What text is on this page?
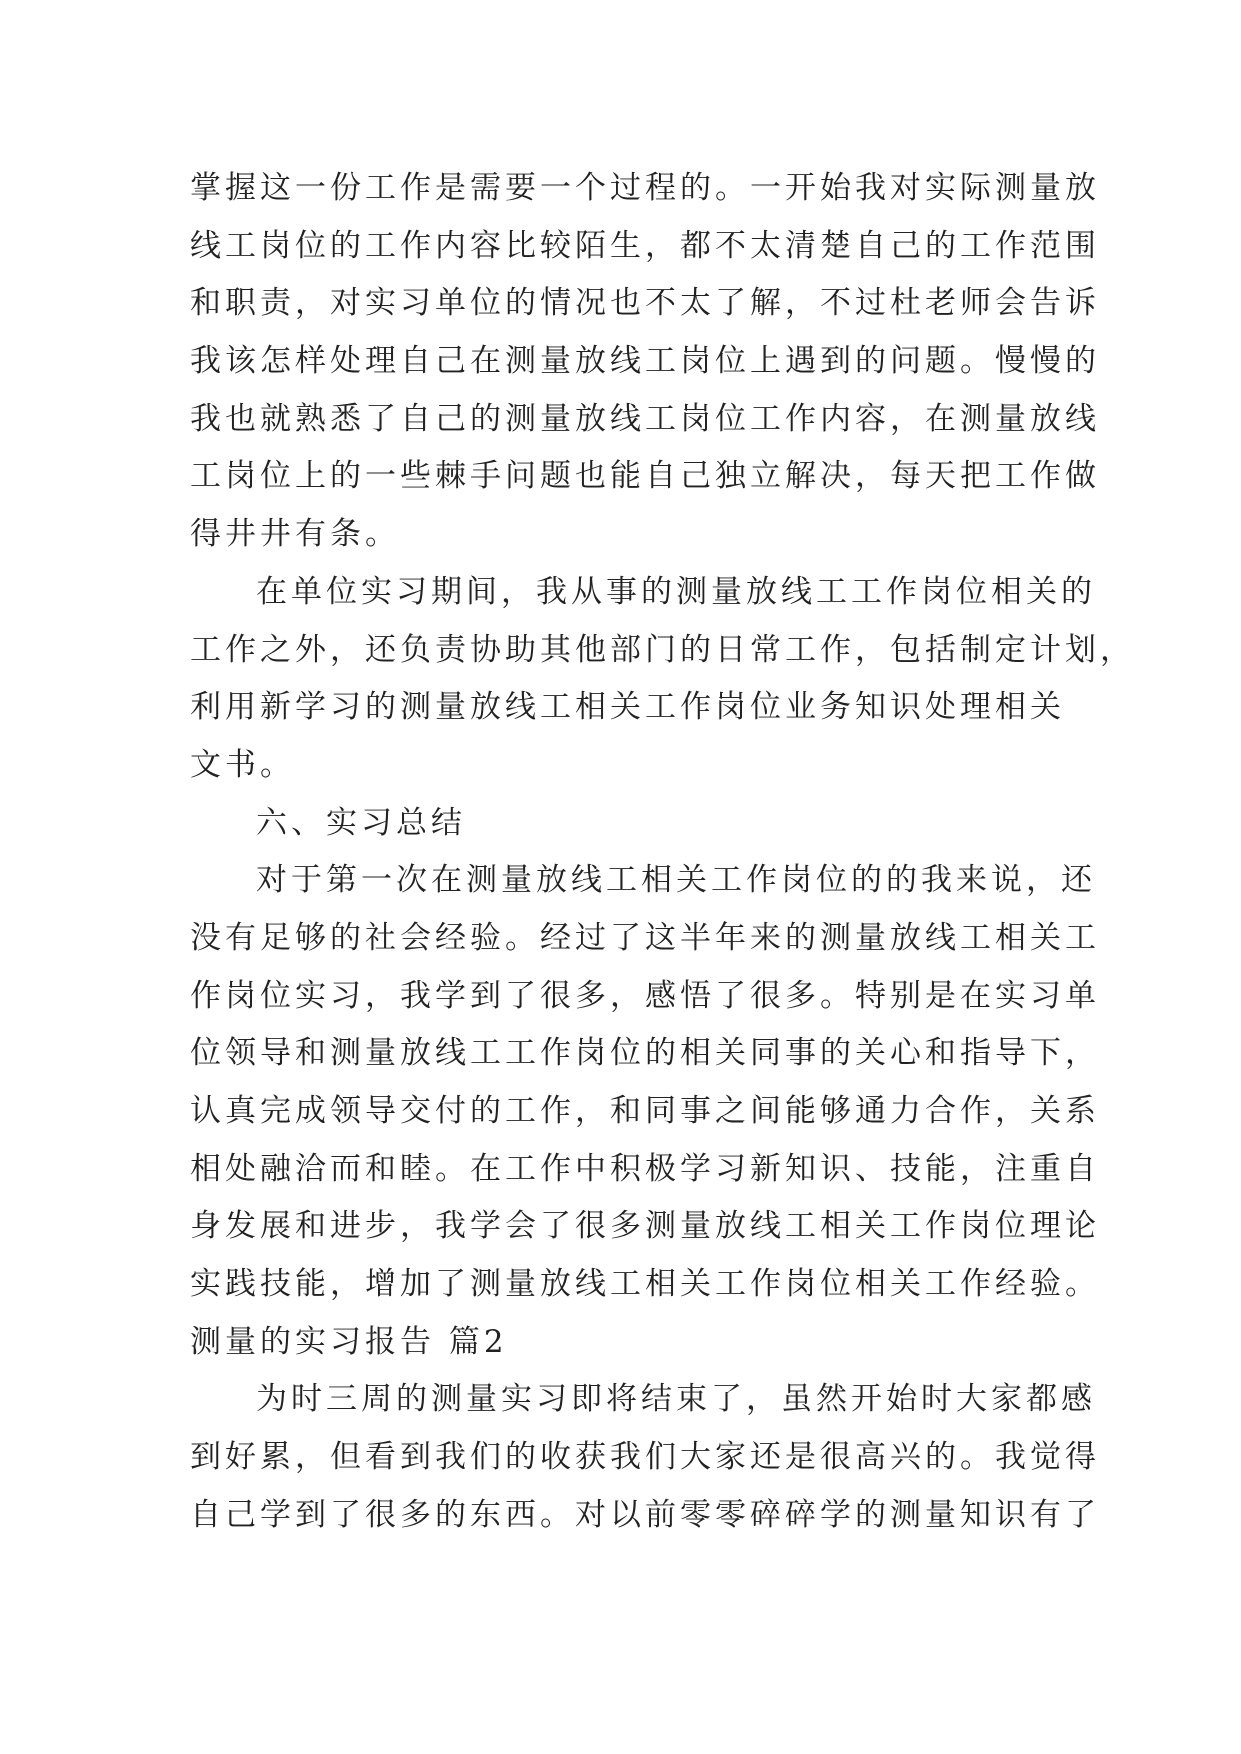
掌握这一份工作是需要一个过程的。一开始我对实际测量放
线工岗位的工作内容比较陌生，都不太清楚自己的工作范围
和职责，对实习单位的情况也不太了解，不过杜老师会告诉
我该怎样处理自己在测量放线工岗位上遇到的问题。慢慢的
我也就熟悉了自己的测量放线工岗位工作内容，在测量放线
工岗位上的一些棘手问题也能自己独立解决，每天把工作做
得井井有条。
在单位实习期间，我从事的测量放线工工作岗位相关的
工作之外，还负责协助其他部门的日常工作，包括制定计划，
利用新学习的测量放线工相关工作岗位业务知识处理相关
文书。
六、实习总结
对于第一次在测量放线工相关工作岗位的的我来说，还
没有足够的社会经验。经过了这半年来的测量放线工相关工
作岗位实习，我学到了很多，感悟了很多。特别是在实习单
位领导和测量放线工工作岗位的相关同事的关心和指导下，
认真完成领导交付的工作，和同事之间能够通力合作，关系
相处融洽而和睦。在工作中积极学习新知识、技能，注重自
身发展和进步，我学会了很多测量放线工相关工作岗位理论
实践技能，增加了测量放线工相关工作岗位相关工作经验。
测量的实习报告 篇2
为时三周的测量实习即将结束了，虽然开始时大家都感
到好累，但看到我们的收获我们大家还是很高兴的。我觉得
自己学到了很多的东西。对以前零零碎碎学的测量知识有了
